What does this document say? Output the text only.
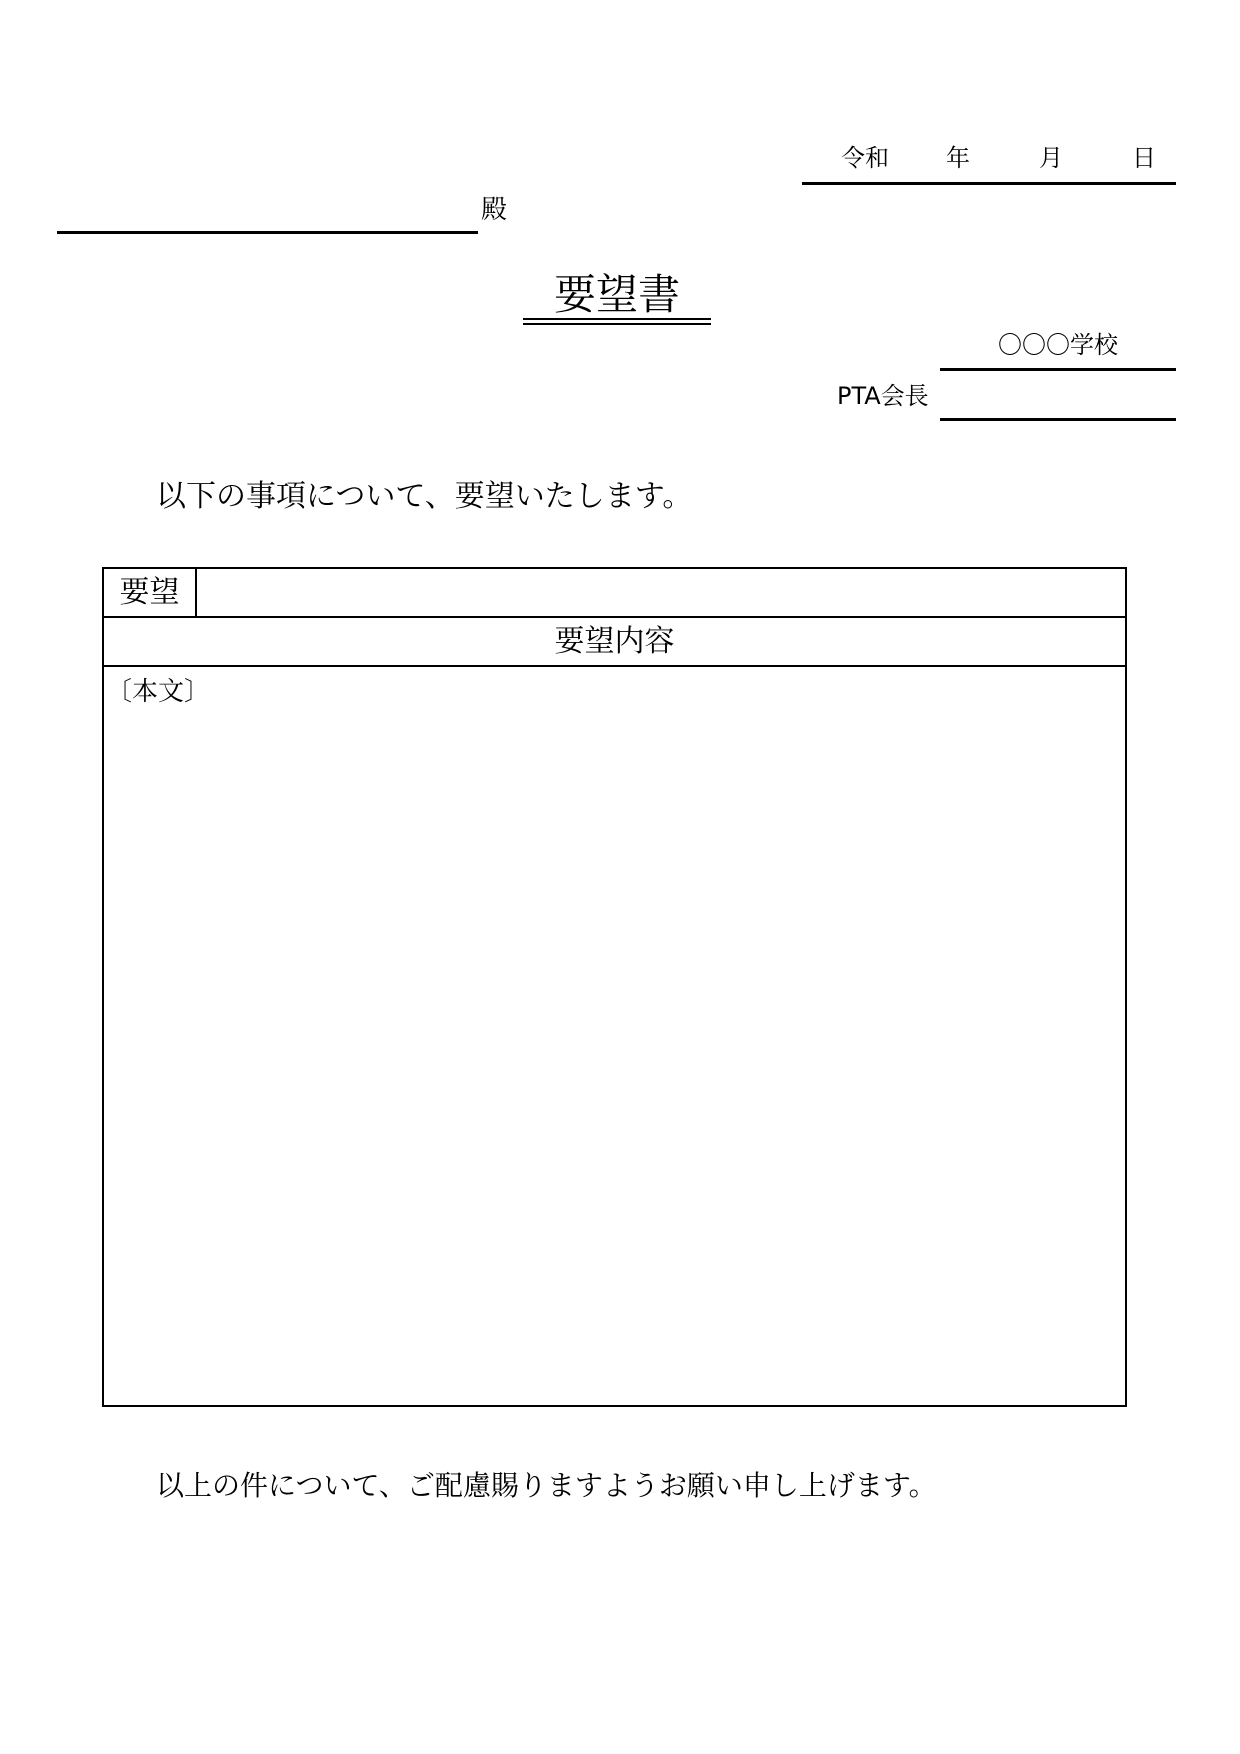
令和 年	月	日
殿
要望書
〇〇〇学校
PTA会長
以下の事項について、要望いたします。
要望
要望内容
〔本文〕
以上の件について、ご配慮賜りますようお願い申し上げます。
